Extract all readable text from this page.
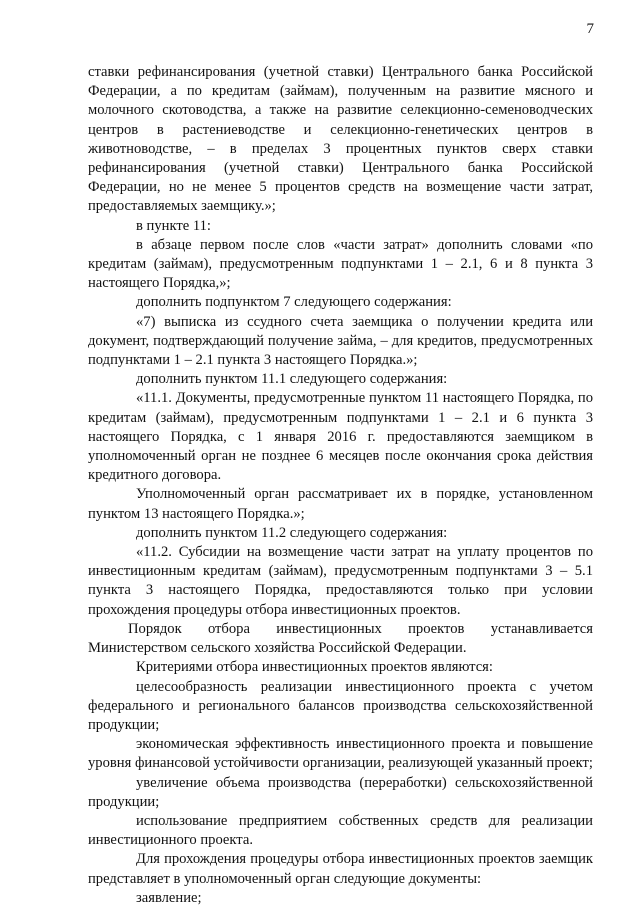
7

ставки рефинансирования (учетной ставки) Центрального банка Российской Федерации, а по кредитам (займам), полученным на развитие мясного и молочного скотоводства, а также на развитие селекционно-семеноводческих центров в растениеводстве и селекционно-генетических центров в животноводстве, – в пределах 3 процентных пунктов сверх ставки рефинансирования (учетной ставки) Центрального банка Российской Федерации, но не менее 5 процентов средств на возмещение части затрат, предоставляемых заемщику.»;

в пункте 11:

в абзаце первом после слов «части затрат» дополнить словами «по кредитам (займам), предусмотренным подпунктами 1 – 2.1, 6 и 8 пункта 3 настоящего Порядка,»;

дополнить подпунктом 7 следующего содержания:

«7) выписка из ссудного счета заемщика о получении кредита или документ, подтверждающий получение займа, – для кредитов, предусмотренных подпунктами 1 – 2.1 пункта 3 настоящего Порядка.»;

дополнить пунктом 11.1 следующего содержания:

«11.1. Документы, предусмотренные пунктом 11 настоящего Порядка, по кредитам (займам), предусмотренным подпунктами 1 – 2.1 и 6 пункта 3 настоящего Порядка, с 1 января 2016 г. предоставляются заемщиком в уполномоченный орган не позднее 6 месяцев после окончания срока действия кредитного договора.

Уполномоченный орган рассматривает их в порядке, установленном пунктом 13 настоящего Порядка.»;

дополнить пунктом 11.2 следующего содержания:

«11.2. Субсидии на возмещение части затрат на уплату процентов по инвестиционным кредитам (займам), предусмотренным подпунктами 3 – 5.1 пункта 3 настоящего Порядка, предоставляются только при условии прохождения процедуры отбора инвестиционных проектов.

Порядок отбора инвестиционных проектов устанавливается Министерством сельского хозяйства Российской Федерации.

Критериями отбора инвестиционных проектов являются:

целесообразность реализации инвестиционного проекта с учетом федерального и регионального балансов производства сельскохозяйственной продукции;

экономическая эффективность инвестиционного проекта и повышение уровня финансовой устойчивости организации, реализующей указанный проект;

увеличение объема производства (переработки) сельскохозяйственной продукции;

использование предприятием собственных средств для реализации инвестиционного проекта.

Для прохождения процедуры отбора инвестиционных проектов заемщик представляет в уполномоченный орган следующие документы:

заявление;
